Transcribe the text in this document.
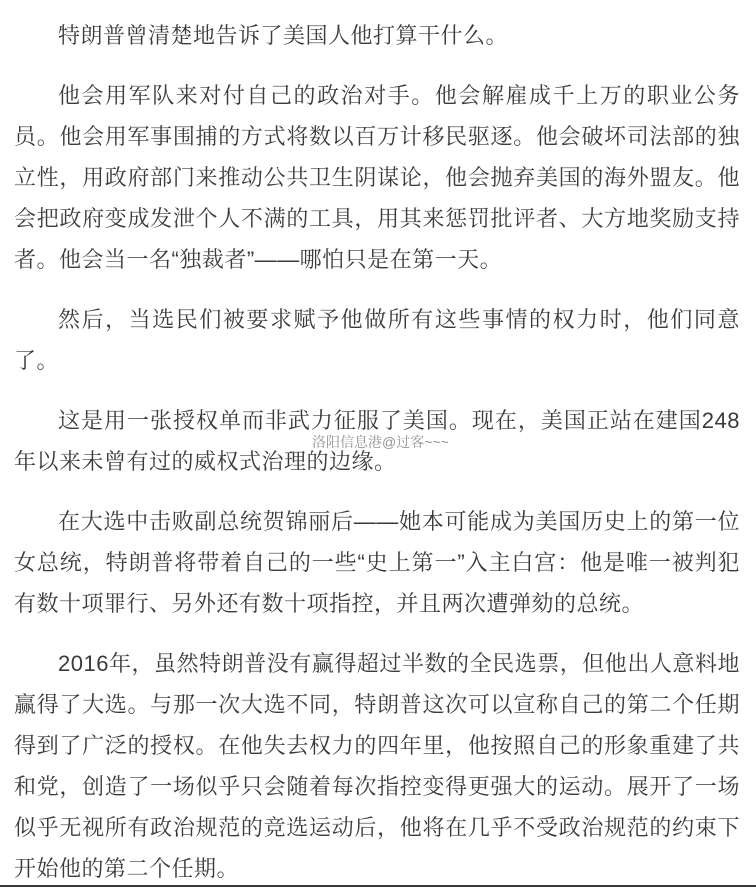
特朗普曾清楚地告诉了美国人他打算干什么。

他会用军队来对付自己的政治对手。他会解雇成千上万的职业公务员。他会用军事围捕的方式将数以百万计移民驱逐。他会破坏司法部的独立性，用政府部门来推动公共卫生阴谋论，他会抛弃美国的海外盟友。他会把政府变成发泄个人不满的工具，用其来惩罚批评者、大方地奖励支持者。他会当一名“独裁者”——哪怕只是在第一天。

然后，当选民们被要求赋予他做所有这些事情的权力时，他们同意了。

这是用一张授权单而非武力征服了美国。现在，美国正站在建国248年以来未曾有过的威权式治理的边缘。

在大选中击败副总统贺锦丽后——她本可能成为美国历史上的第一位女总统，特朗普将带着自己的一些“史上第一”入主白宫：他是唯一被判犯有数十项罪行、另外还有数十项指控，并且两次遭弹劾的总统。

2016年，虽然特朗普没有赢得超过半数的全民选票，但他出人意料地赢得了大选。与那一次大选不同，特朗普这次可以宣称自己的第二个任期得到了广泛的授权。在他失去权力的四年里，他按照自己的形象重建了共和党，创造了一场似乎只会随着每次指控变得更强大的运动。展开了一场似乎无视所有政治规范的竞选运动后，他将在几乎不受政治规范的约束下开始他的第二个任期。

洛阳信息港@过客~~~
